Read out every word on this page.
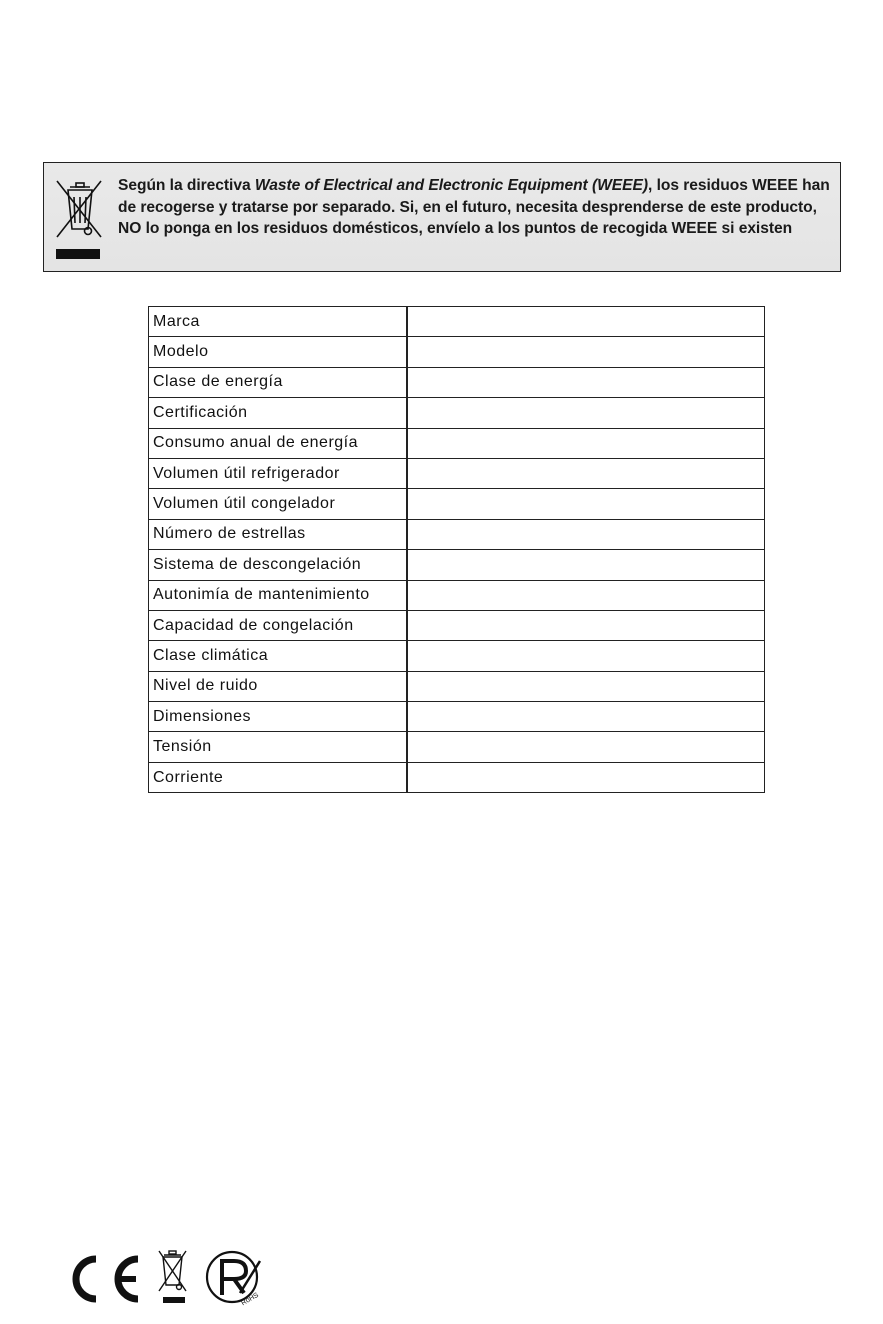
Según la directiva Waste of Electrical and Electronic Equipment (WEEE), los residuos WEEE han de recogerse y tratarse por separado. Si, en el futuro, necesita desprenderse de este producto, NO lo ponga en los residuos domésticos, envíelo a los puntos de recogida WEEE si existen
Marca	
Modelo	
Clase de energía	
Certificación	
Consumo anual de energía	
Volumen útil refrigerador	
Volumen útil congelador	
Número de estrellas	
Sistema de descongelación	
Autonimía de mantenimiento	
Capacidad de congelación	
Clase climática	
Nivel de ruido	
Dimensiones	
Tensión	
Corriente	
RoHS
